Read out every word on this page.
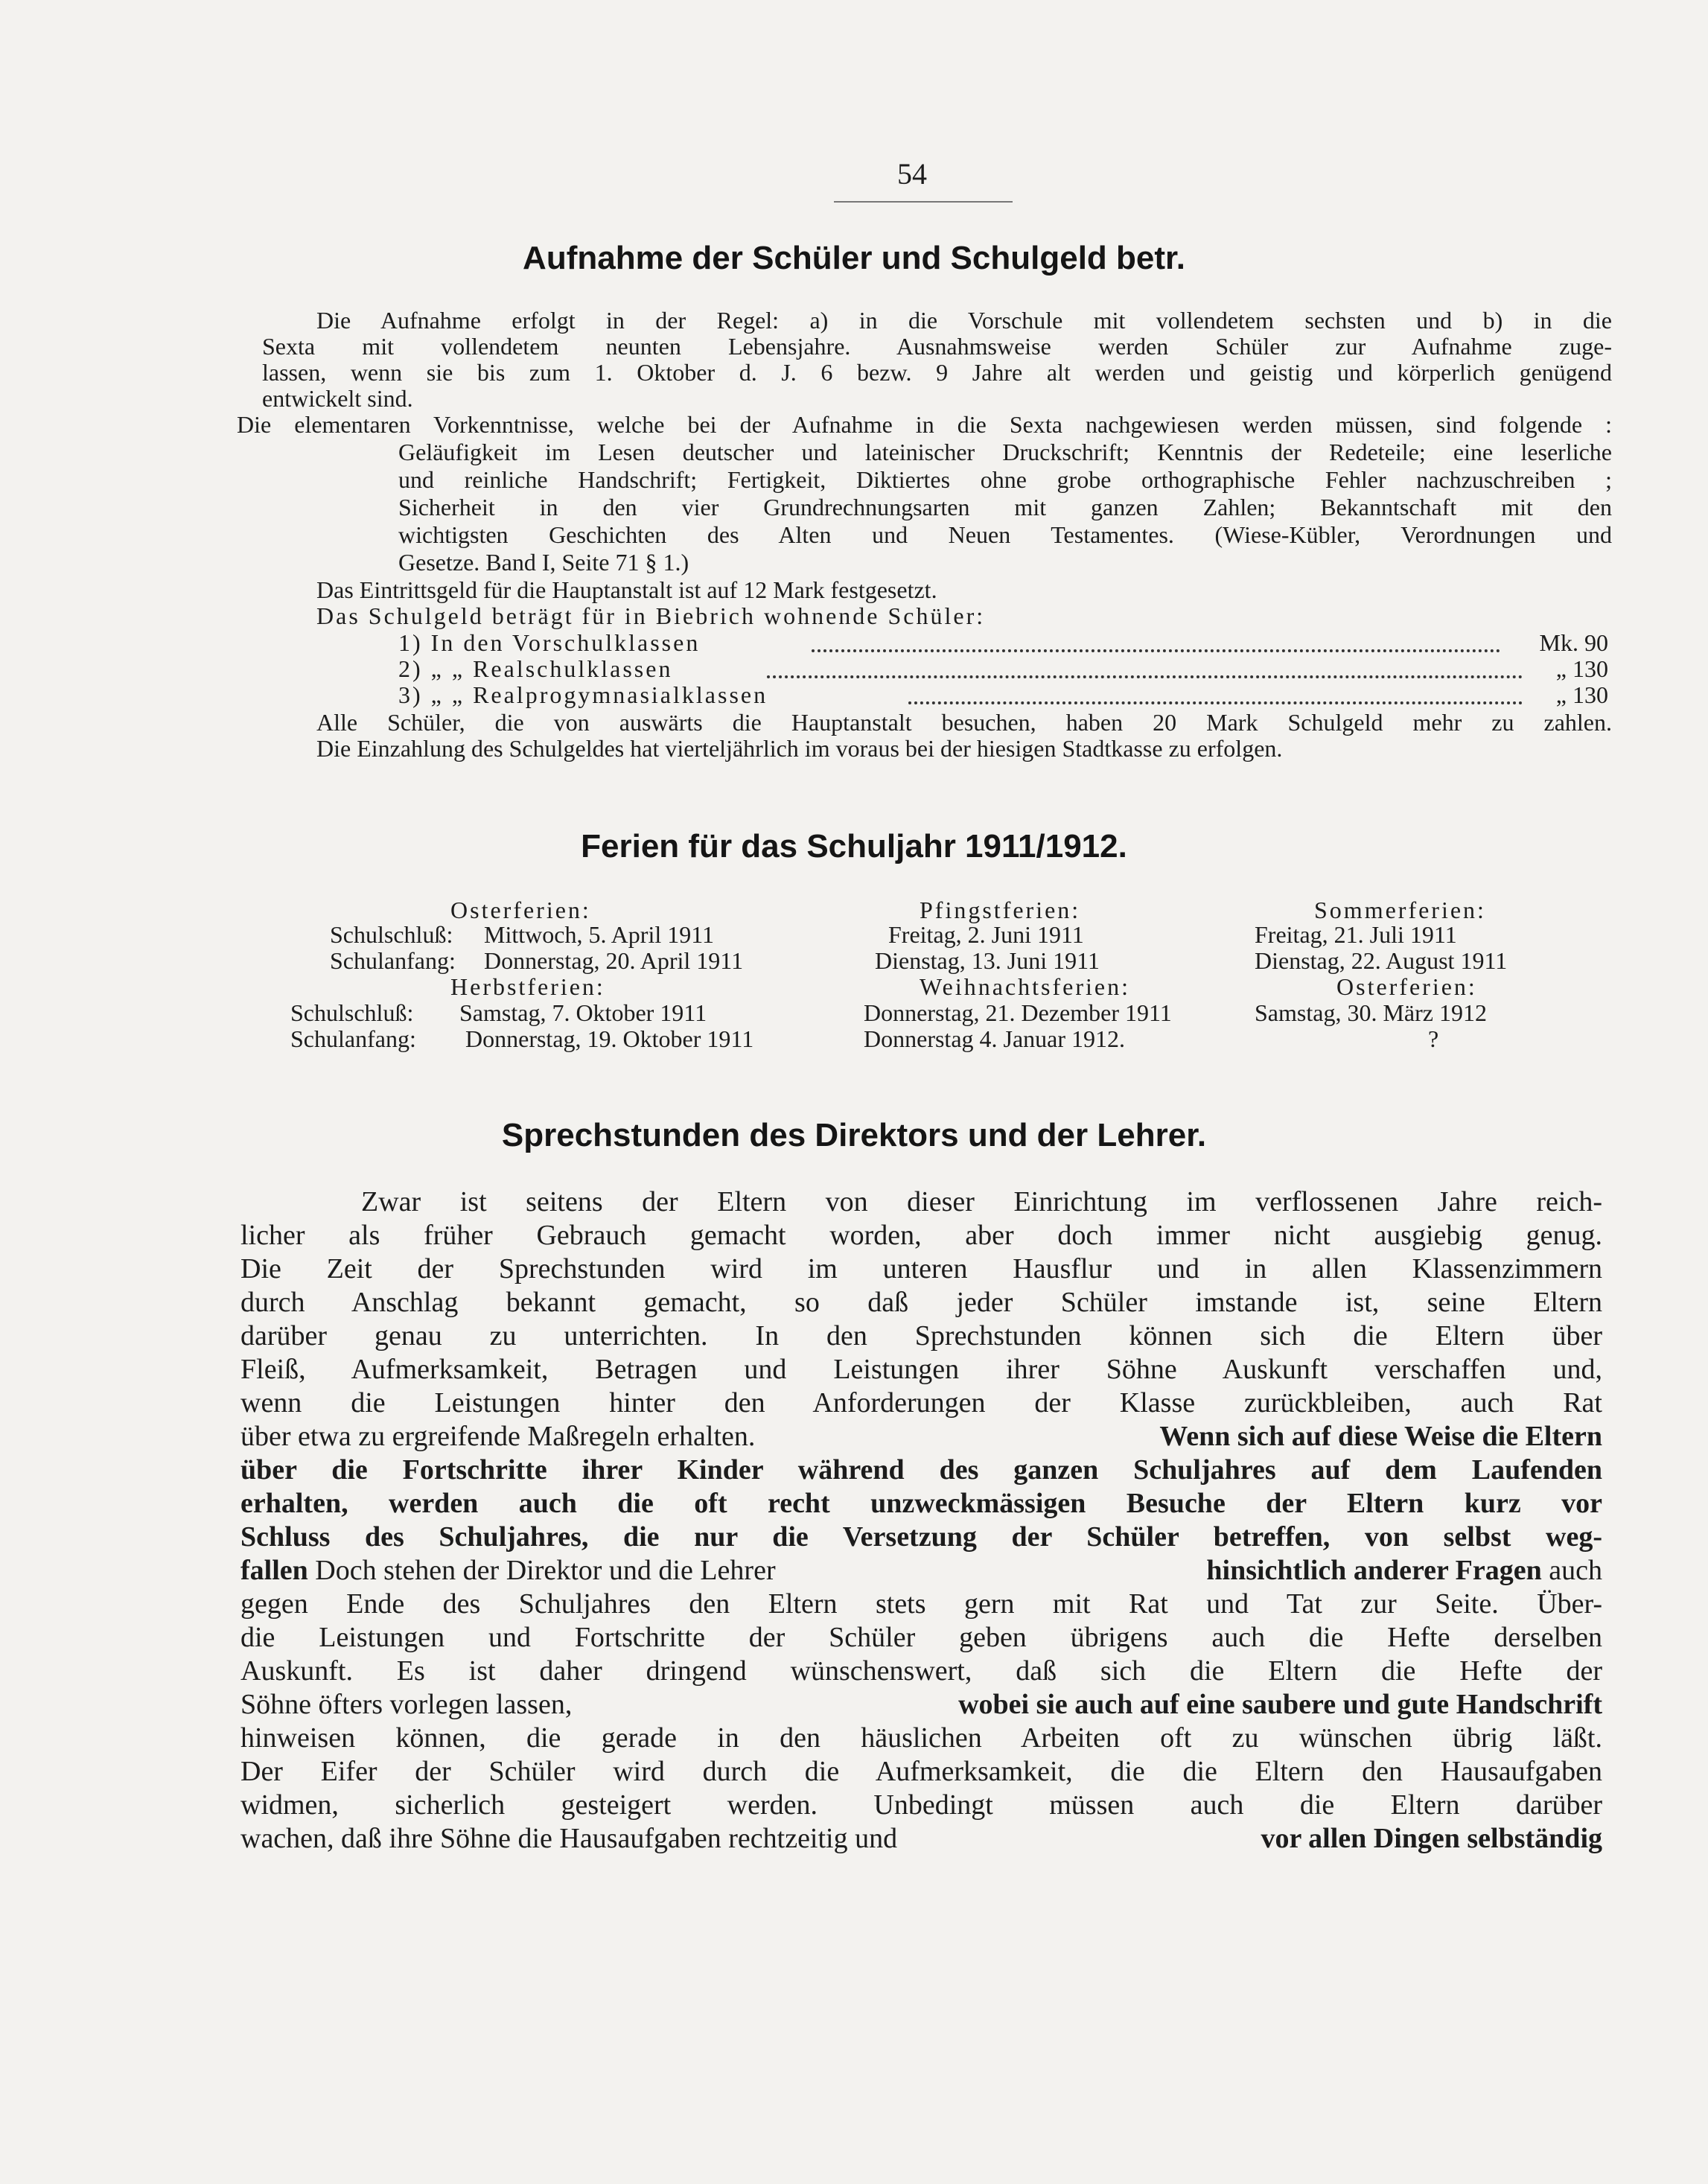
54
Aufnahme der Schüler und Schulgeld betr.
Die Aufnahme erfolgt in der Regel: a) in die Vorschule mit vollendetem sechsten und b) in die
Sexta mit vollendetem neunten Lebensjahre. Ausnahmsweise werden Schüler zur Aufnahme zuge-
lassen, wenn sie bis zum 1. Oktober d. J. 6 bezw. 9 Jahre alt werden und geistig und körperlich genügend
entwickelt sind.
Die elementaren Vorkenntnisse, welche bei der Aufnahme in die Sexta nachgewiesen werden müssen, sind folgende :
Geläufigkeit im Lesen deutscher und lateinischer Druckschrift; Kenntnis der Redeteile; eine leserliche
und reinliche Handschrift; Fertigkeit, Diktiertes ohne grobe orthographische Fehler nachzuschreiben ;
Sicherheit in den vier Grundrechnungsarten mit ganzen Zahlen; Bekanntschaft mit den
wichtigsten Geschichten des Alten und Neuen Testamentes. (Wiese-Kübler, Verordnungen und
Gesetze. Band I, Seite 71 § 1.)
Das Eintrittsgeld für die Hauptanstalt ist auf 12 Mark festgesetzt.
Das Schulgeld beträgt für in Biebrich wohnende Schüler:
1) In den Vorschulklassen	Mk. 90
2) „ „ Realschulklassen	„ 130
3) „ „ Realprogymnasialklassen	„ 130
Alle Schüler, die von auswärts die Hauptanstalt besuchen, haben 20 Mark Schulgeld mehr zu zahlen.
Die Einzahlung des Schulgeldes hat vierteljährlich im voraus bei der hiesigen Stadtkasse zu erfolgen.
Ferien für das Schuljahr 1911/1912.
Osterferien:	Pfingstferien:	Sommerferien:
Schulschluß: Mittwoch, 5. April 1911	Freitag, 2. Juni 1911	Freitag, 21. Juli 1911
Schulanfang: Donnerstag, 20. April 1911	Dienstag, 13. Juni 1911	Dienstag, 22. August 1911
Herbstferien:	Weihnachtsferien:	Osterferien:
Schulschluß: Samstag, 7. Oktober 1911	Donnerstag, 21. Dezember 1911	Samstag, 30. März 1912
Schulanfang: Donnerstag, 19. Oktober 1911	Donnerstag 4. Januar 1912.	?
Sprechstunden des Direktors und der Lehrer.
Zwar ist seitens der Eltern von dieser Einrichtung im verflossenen Jahre reich-
licher als früher Gebrauch gemacht worden, aber doch immer nicht ausgiebig genug.
Die Zeit der Sprechstunden wird im unteren Hausflur und in allen Klassenzimmern
durch Anschlag bekannt gemacht, so daß jeder Schüler imstande ist, seine Eltern
darüber genau zu unterrichten. In den Sprechstunden können sich die Eltern über
Fleiß, Aufmerksamkeit, Betragen und Leistungen ihrer Söhne Auskunft verschaffen und,
wenn die Leistungen hinter den Anforderungen der Klasse zurückbleiben, auch Rat
über etwa zu ergreifende Maßregeln erhalten.	Wenn sich auf diese Weise die Eltern
über die Fortschritte ihrer Kinder während des ganzen Schuljahres auf dem Laufenden
erhalten, werden auch die oft recht unzweckmässigen Besuche der Eltern kurz vor
Schluss des Schuljahres, die nur die Versetzung der Schüler betreffen, von selbst weg-
fallen Doch stehen der Direktor und die Lehrer	hinsichtlich anderer Fragen auch
gegen Ende des Schuljahres den Eltern stets gern mit Rat und Tat zur Seite. Über-
die Leistungen und Fortschritte der Schüler geben übrigens auch die Hefte derselben
Auskunft. Es ist daher dringend wünschenswert, daß sich die Eltern die Hefte der
Söhne öfters vorlegen lassen,	wobei sie auch auf eine saubere und gute Handschrift
hinweisen können, die gerade in den häuslichen Arbeiten oft zu wünschen übrig läßt.
Der Eifer der Schüler wird durch die Aufmerksamkeit, die die Eltern den Hausaufgaben
widmen, sicherlich gesteigert werden. Unbedingt müssen auch die Eltern darüber
wachen, daß ihre Söhne die Hausaufgaben rechtzeitig und	vor allen Dingen selbständig
